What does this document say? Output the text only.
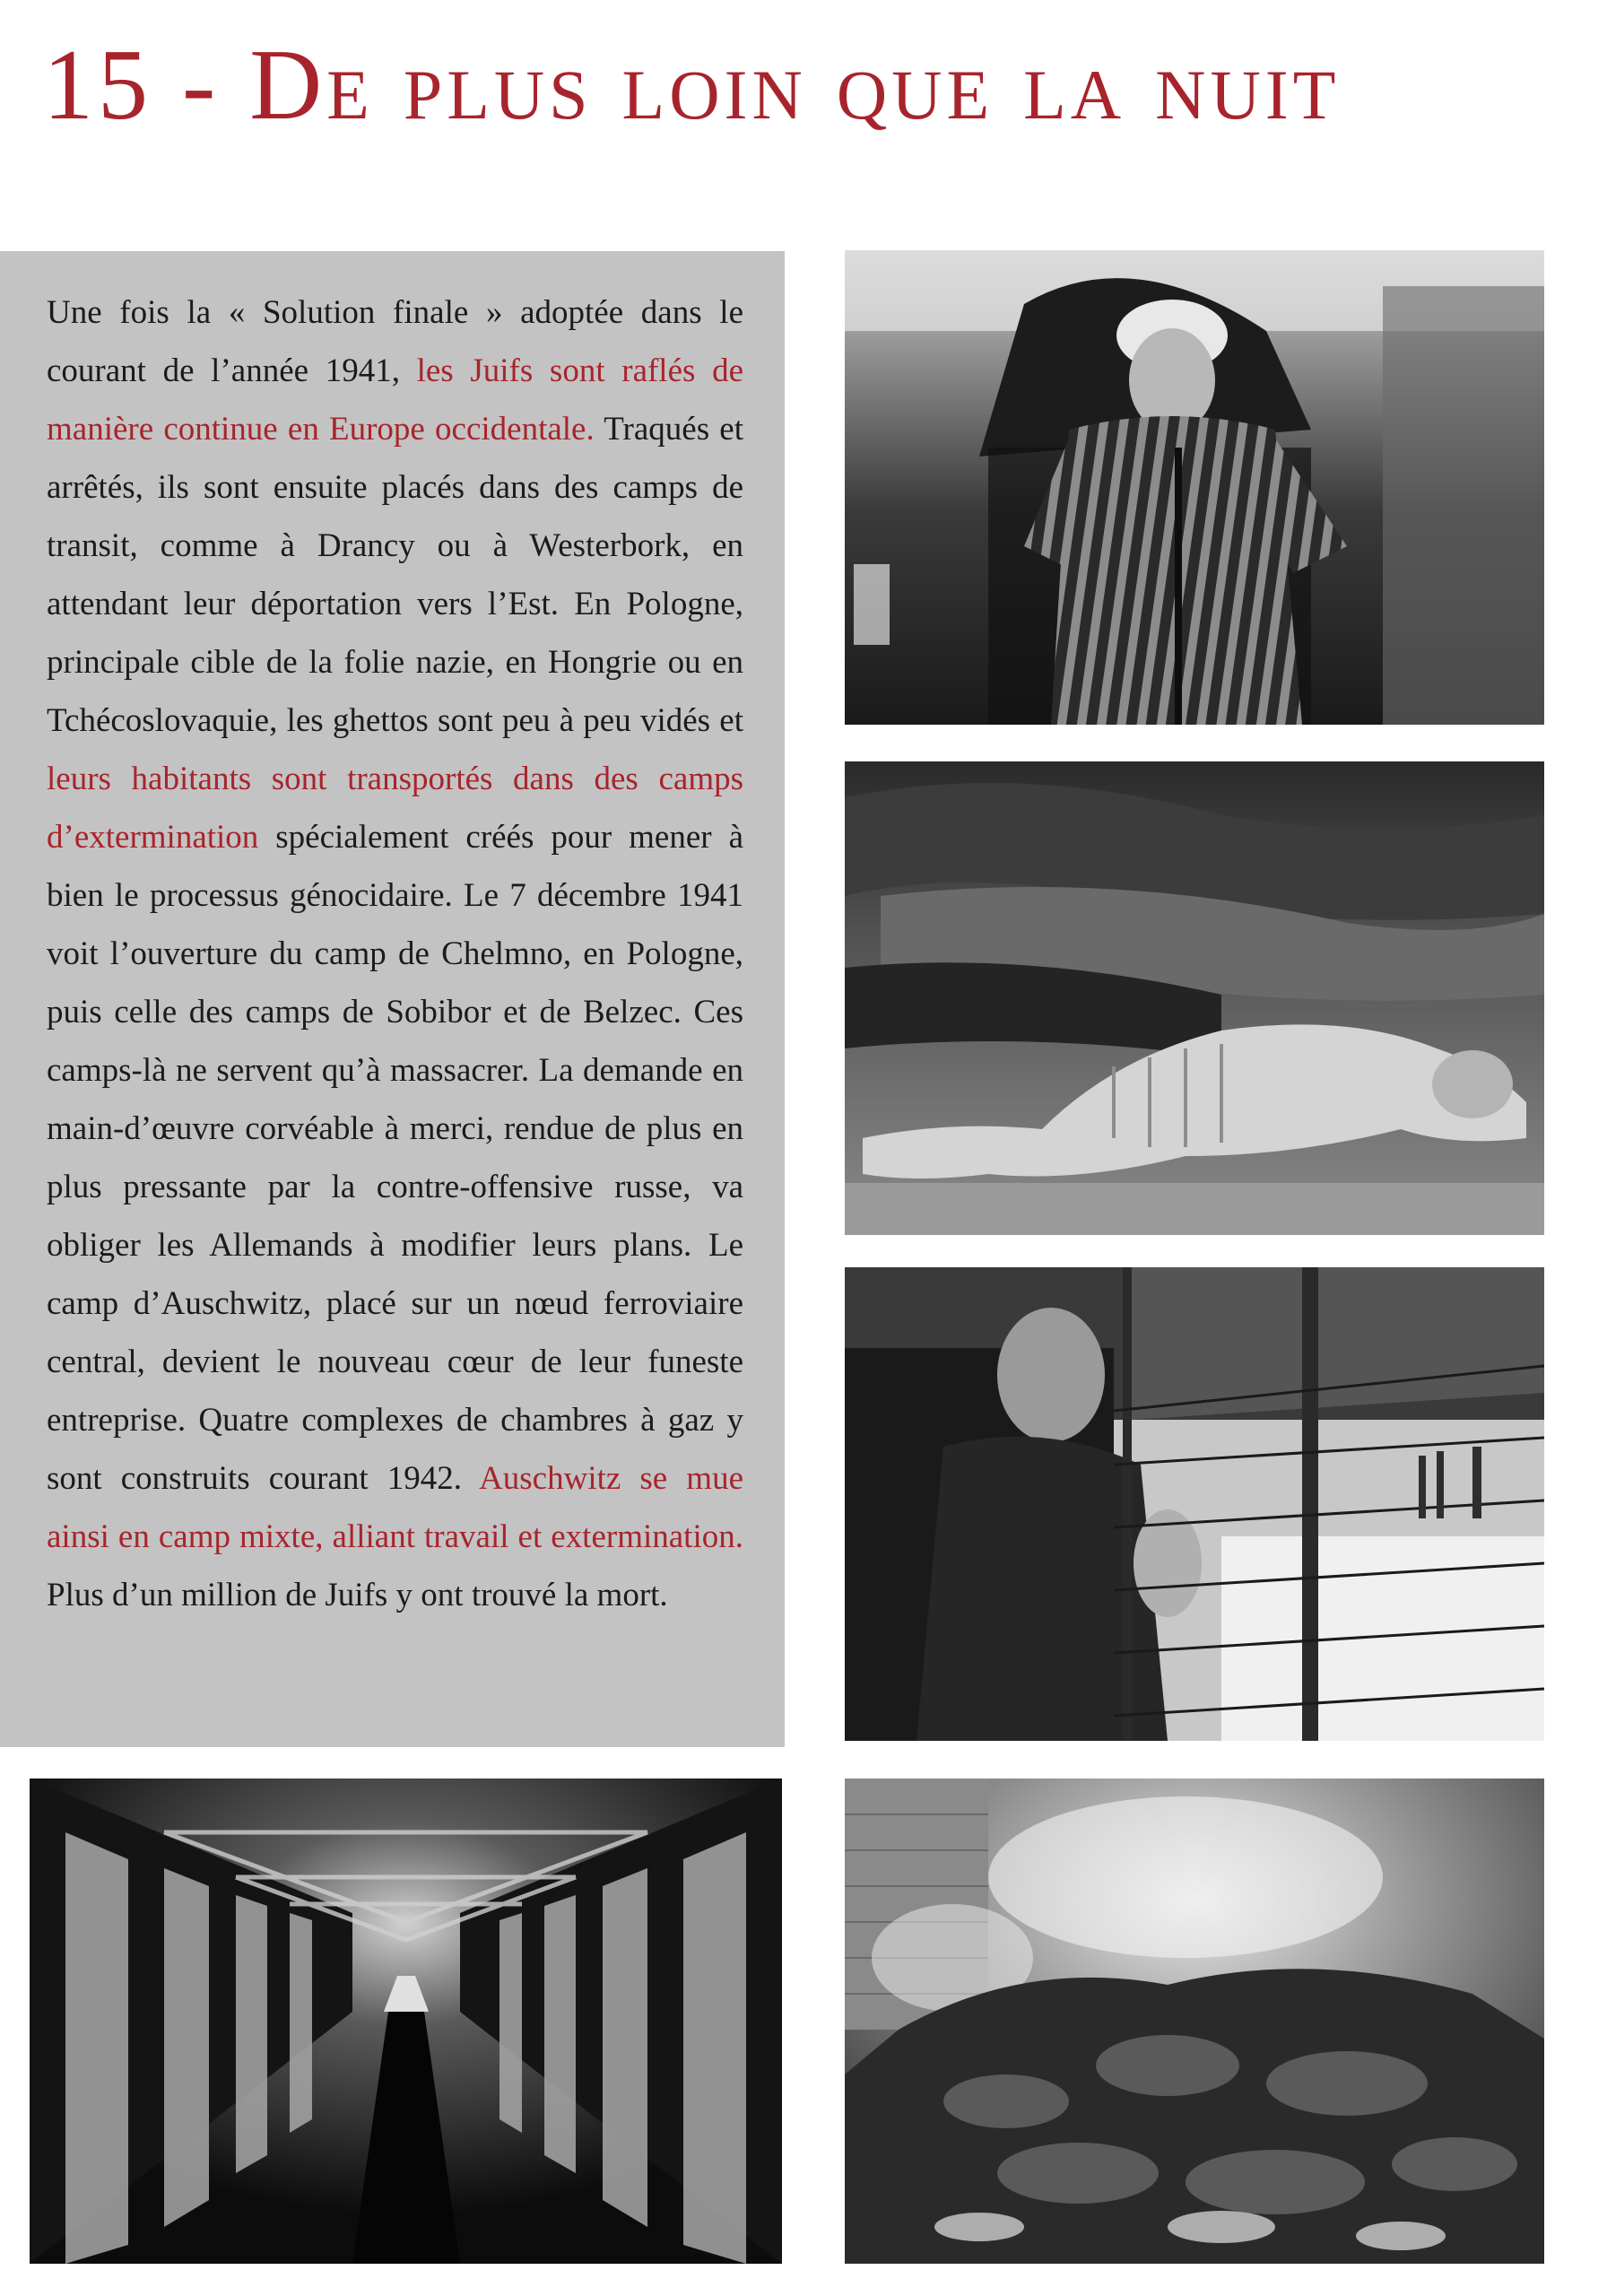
15 - De plus loin que la nuit

Une fois la « Solution finale » adoptée dans le courant de l’année 1941, les Juifs sont raflés de manière continue en Europe occidentale. Traqués et arrêtés, ils sont ensuite placés dans des camps de transit, comme à Drancy ou à Westerbork, en attendant leur déportation vers l’Est. En Pologne, principale cible de la folie nazie, en Hongrie ou en Tchécoslovaquie, les ghettos sont peu à peu vidés et leurs habitants sont transportés dans des camps d’extermination spécialement créés pour mener à bien le processus génocidaire. Le 7 décembre 1941 voit l’ouverture du camp de Chelmno, en Pologne, puis celle des camps de Sobibor et de Belzec. Ces camps-là ne servent qu’à massacrer. La demande en main-d’œuvre corvéable à merci, rendue de plus en plus pressante par la contre-offensive russe, va obliger les Allemands à modifier leurs plans. Le camp d’Auschwitz, placé sur un nœud ferroviaire central, devient le nouveau cœur de leur funeste entreprise. Quatre complexes de chambres à gaz y sont construits courant 1942. Auschwitz se mue ainsi en camp mixte, alliant travail et extermination. Plus d’un million de Juifs y ont trouvé la mort.
